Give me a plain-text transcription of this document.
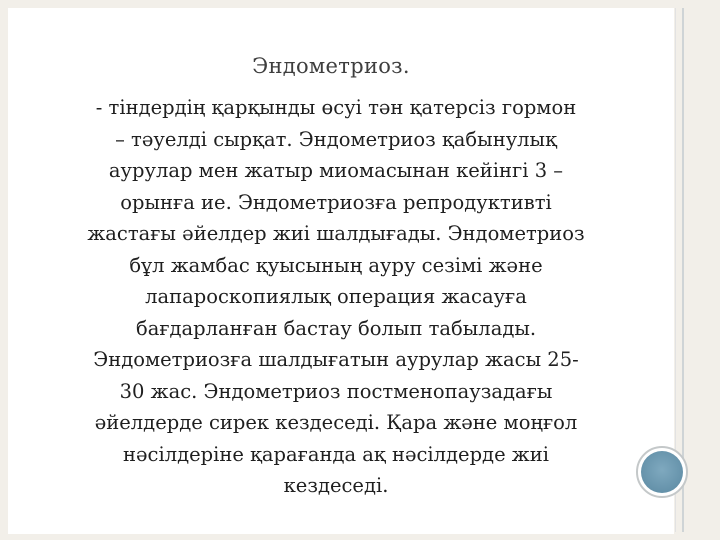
Эндометриоз.
- тіндердің қарқынды өсуі тән қатерсіз гормон
– тәуелді сырқат. Эндометриоз қабынулық
аурулар мен жатыр миомасынан кейінгі 3 –
орынға ие. Эндометриозға репродуктивті
жастағы әйелдер жиі шалдығады. Эндометриоз
бұл жамбас қуысының ауру сезімі және
лапароскопиялық операция жасауға
бағдарланған бастау болып табылады.
Эндометриозға шалдығатын аурулар жасы 25-
30 жас. Эндометриоз постменопаузадағы
әйелдерде сирек кездеседі. Қара және моңғол
нәсілдеріне қарағанда ақ нәсілдерде жиі
кездеседі.
